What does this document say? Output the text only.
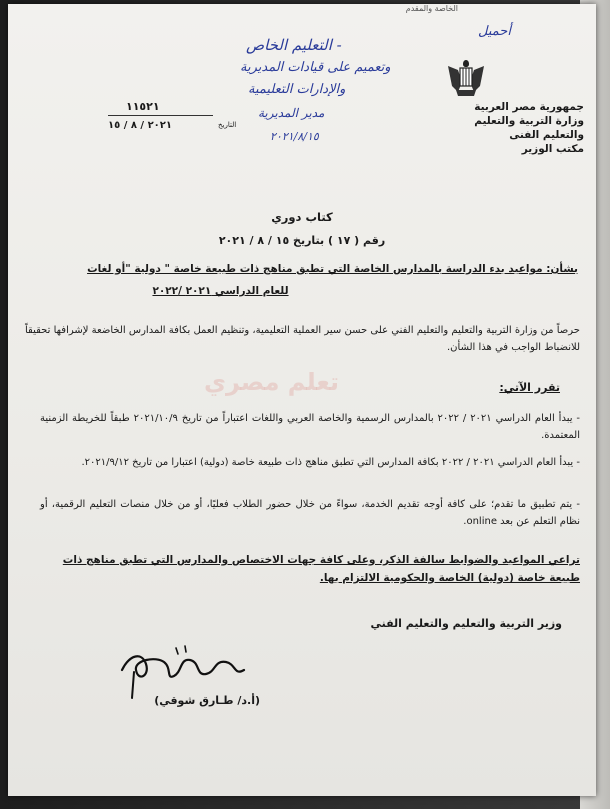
الخاصة والمقدم
أحميل
- التعليم الخاص
وتعميم على قيادات المديرية
والإدارات التعليمية
مدير المديرية
٢٠٢١/٨/١٥
جمهورية مصر العربية
وزارة التربية والتعليم والتعليم الفنى
مكتب الوزير
١١٥٢١
٢٠٢١ / ٨ / ١٥	التاريخ
كتاب دوري
رقم ( ١٧ ) بتاريخ ١٥ / ٨ / ٢٠٢١
بشأن: مواعيد بدء الدراسة بالمدارس الخاصة التي تطبق مناهج ذات طبيعة خاصة " دولية "أو لغات
للعام الدراسي ٢٠٢١ /٢٠٢٢
حرصاً من وزارة التربية والتعليم والتعليم الفني على حسن سير العملية التعليمية، وتنظيم العمل بكافة المدارس الخاضعة لإشرافها تحقيقاً للانضباط الواجب في هذا الشأن.
تعلم مصري	تقرر الآتي:
- يبدأ العام الدراسي ٢٠٢١ / ٢٠٢٢ بالمدارس الرسمية والخاصة العربي واللغات اعتباراً من تاريخ ٢٠٢١/١٠/٩ طبقاً للخريطة الزمنية المعتمدة.
- يبدأ العام الدراسي ٢٠٢١ / ٢٠٢٢ بكافة المدارس التي تطبق مناهج ذات طبيعة خاصة (دولية) اعتبارا من تاريخ ٢٠٢١/٩/١٢.
- يتم تطبيق ما تقدم؛ على كافة أوجه تقديم الخدمة، سواءً من خلال حضور الطلاب فعليًا، أو من خلال منصات التعليم الرقمية، أو نظام التعلم عن بعد online.
تراعي المواعيد والضوابط سالفة الذكر، وعلى كافة جهات الاختصاص والمدارس التي تطبق مناهج ذات طبيعة خاصة (دولية) الخاصة والحكومية الالتزام بها.
وزير التربية والتعليم والتعليم الفني
(أ.د/ طـارق شوقي)
